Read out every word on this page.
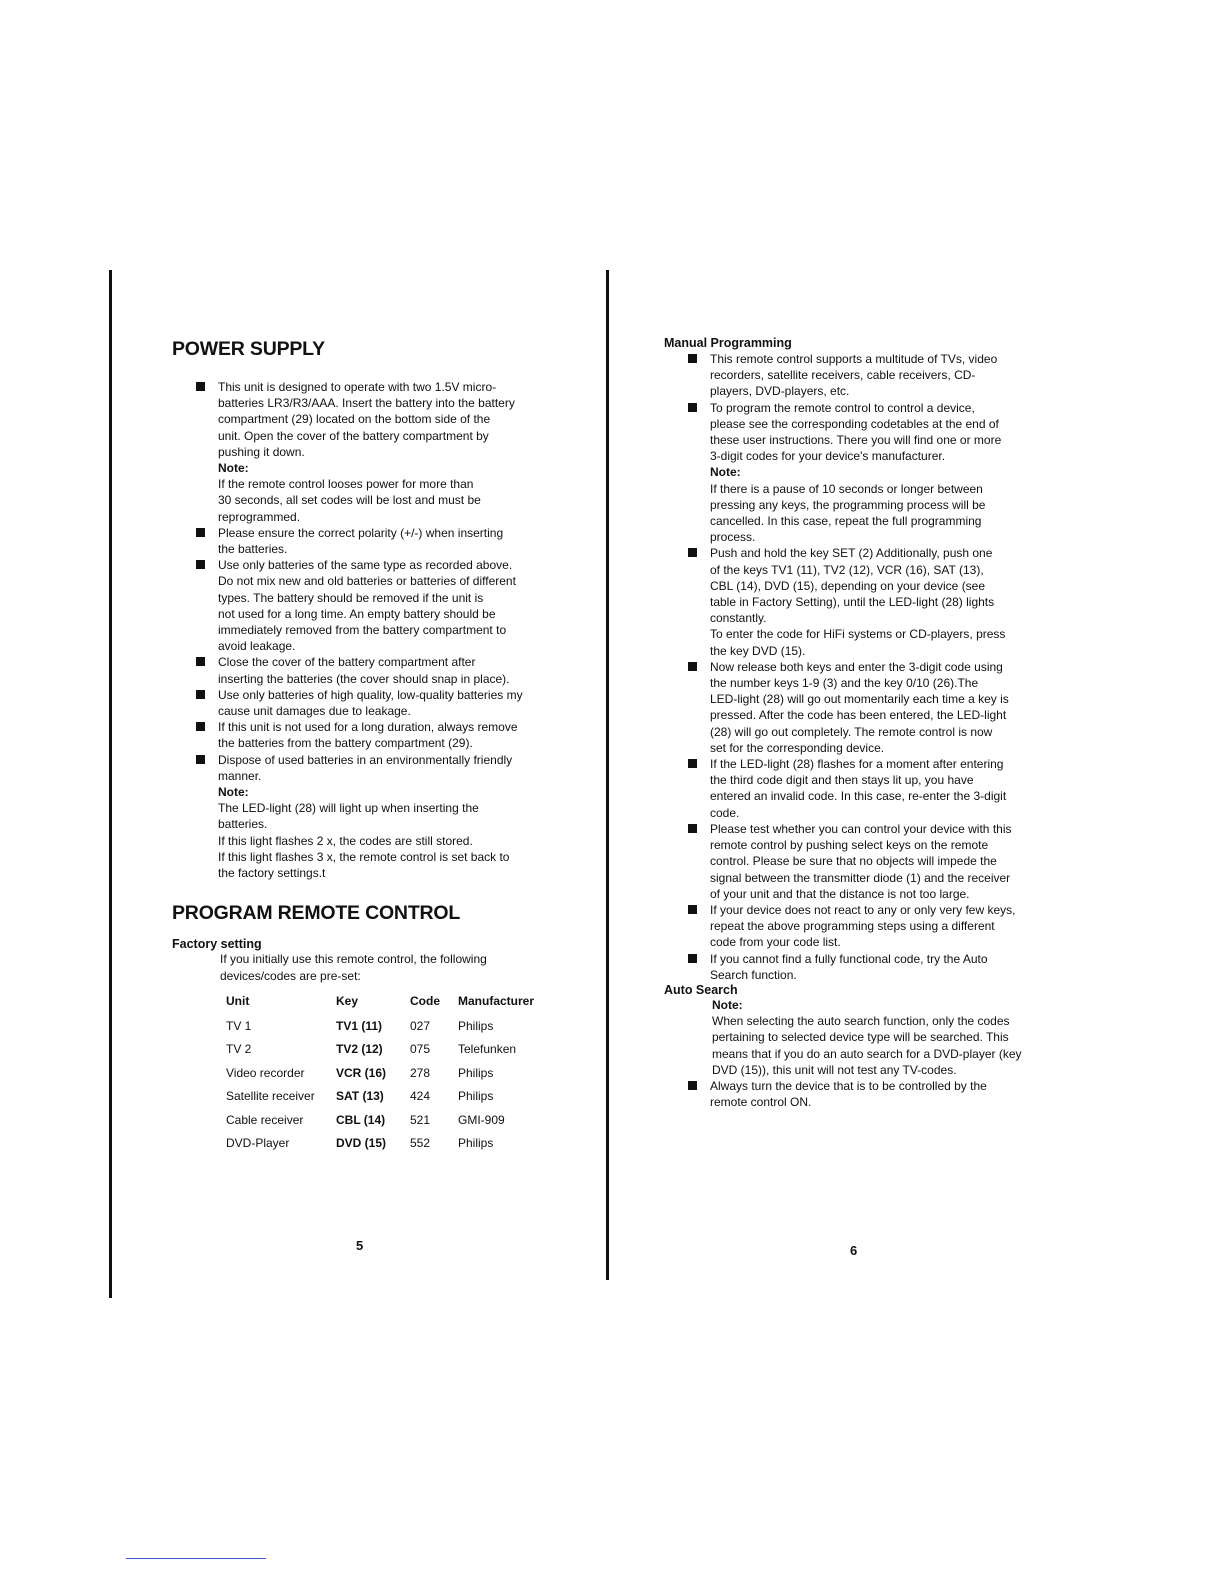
POWER SUPPLY
This unit is designed to operate with two 1.5V micro-
batteries LR3/R3/AAA. Insert the battery into the battery
compartment (29) located on the bottom side of the
unit. Open the cover of the battery compartment by
pushing it down.
Note:
If the remote control looses power for more than
30 seconds, all set codes will be lost and must be
reprogrammed.
Please ensure the correct polarity (+/-) when inserting
the batteries.
Use only batteries of the same type as recorded above.
Do not mix new and old batteries or batteries of different
types. The battery should be removed if the unit is
not used for a long time. An empty battery should be
immediately removed from the battery compartment to
avoid leakage.
Close the cover of the battery compartment after
inserting the batteries (the cover should snap in place).
Use only batteries of high quality, low-quality batteries my
cause unit damages due to leakage.
If this unit is not used for a long duration, always remove
the batteries from the battery compartment (29).
Dispose of used batteries in an environmentally friendly
manner.
Note:
The LED-light (28) will light up when inserting the
batteries.
If this light flashes 2 x, the codes are still stored.
If this light flashes 3 x, the remote control is set back to
the factory settings.t
PROGRAM REMOTE CONTROL
Factory setting
If you initially use this remote control, the following
devices/codes are pre-set:
Unit	Key	Code	Manufacturer
TV 1	TV1 (11)	027	Philips
TV 2	TV2 (12)	075	Telefunken
Video recorder	VCR (16)	278	Philips
Satellite receiver	SAT (13)	424	Philips
Cable receiver	CBL (14)	521	GMI-909
DVD-Player	DVD (15)	552	Philips
5
Manual Programming
This remote control supports a multitude of TVs, video
recorders, satellite receivers, cable receivers, CD-
players, DVD-players, etc.
To program the remote control to control a device,
please see the corresponding codetables at the end of
these user instructions. There you will find one or more
3-digit codes for your device's manufacturer.
Note:
If there is a pause of 10 seconds or longer between
pressing any keys, the programming process will be
cancelled. In this case, repeat the full programming
process.
Push and hold the key SET (2) Additionally, push one
of the keys TV1 (11), TV2 (12), VCR (16), SAT (13),
CBL (14), DVD (15), depending on your device (see
table in Factory Setting), until the LED-light (28) lights
constantly.
To enter the code for HiFi systems or CD-players, press
the key DVD (15).
Now release both keys and enter the 3-digit code using
the number keys 1-9 (3) and the key 0/10 (26).The
LED-light (28) will go out momentarily each time a key is
pressed. After the code has been entered, the LED-light
(28) will go out completely. The remote control is now
set for the corresponding device.
If the LED-light (28) flashes for a moment after entering
the third code digit and then stays lit up, you have
entered an invalid code. In this case, re-enter the 3-digit
code.
Please test whether you can control your device with this
remote control by pushing select keys on the remote
control. Please be sure that no objects will impede the
signal between the transmitter diode (1) and the receiver
of your unit and that the distance is not too large.
If your device does not react to any or only very few keys,
repeat the above programming steps using a different
code from your code list.
If you cannot find a fully functional code, try the Auto
Search function.
Auto Search
Note:
When selecting the auto search function, only the codes
pertaining to selected device type will be searched. This
means that if you do an auto search for a DVD-player (key
DVD (15)), this unit will not test any TV-codes.
Always turn the device that is to be controlled by the
remote control ON.
6
